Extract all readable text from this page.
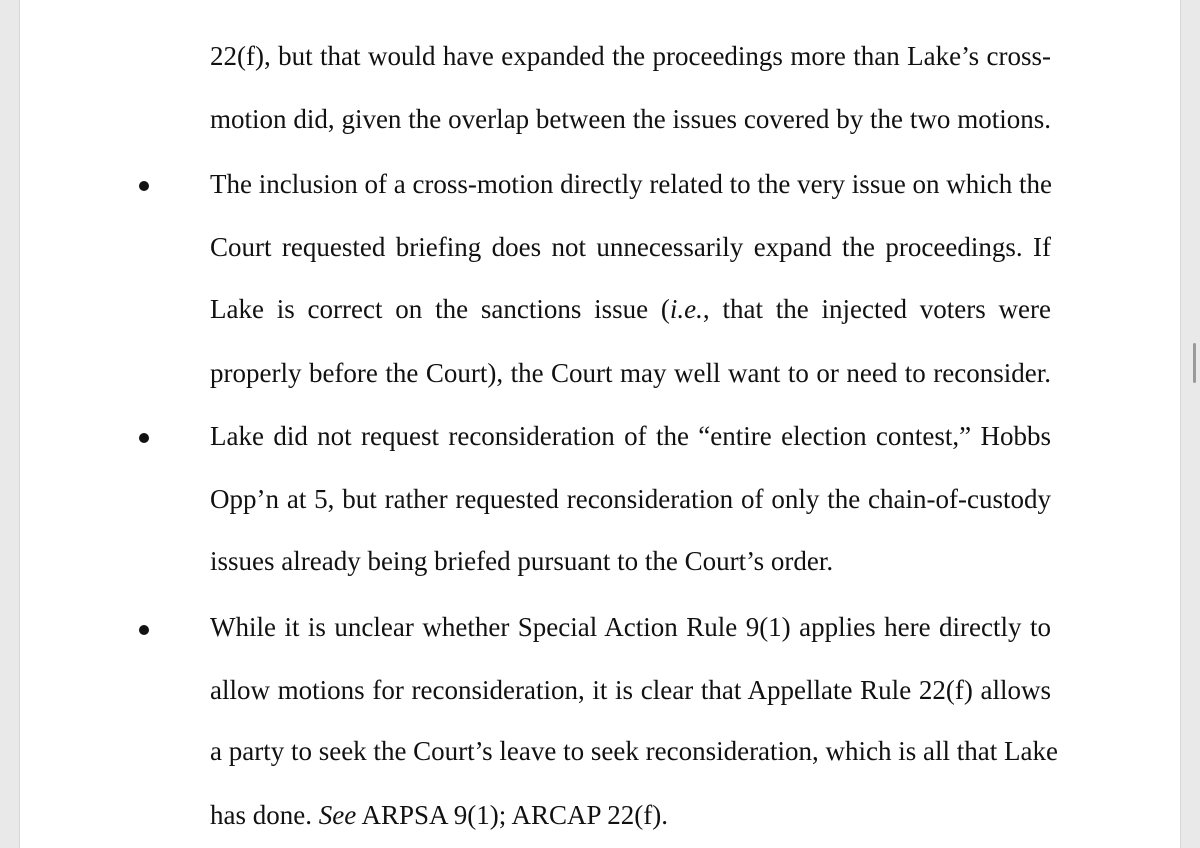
22(f), but that would have expanded the proceedings more than Lake’s cross-
motion did, given the overlap between the issues covered by the two motions.
The inclusion of a cross-motion directly related to the very issue on which the
Court requested briefing does not unnecessarily expand the proceedings. If
Lake is correct on the sanctions issue (i.e., that the injected voters were
properly before the Court), the Court may well want to or need to reconsider.
Lake did not request reconsideration of the “entire election contest,” Hobbs
Opp’n at 5, but rather requested reconsideration of only the chain-of-custody
issues already being briefed pursuant to the Court’s order.
While it is unclear whether Special Action Rule 9(1) applies here directly to
allow motions for reconsideration, it is clear that Appellate Rule 22(f) allows
a party to seek the Court’s leave to seek reconsideration, which is all that Lake
has done. See ARPSA 9(1); ARCAP 22(f).
